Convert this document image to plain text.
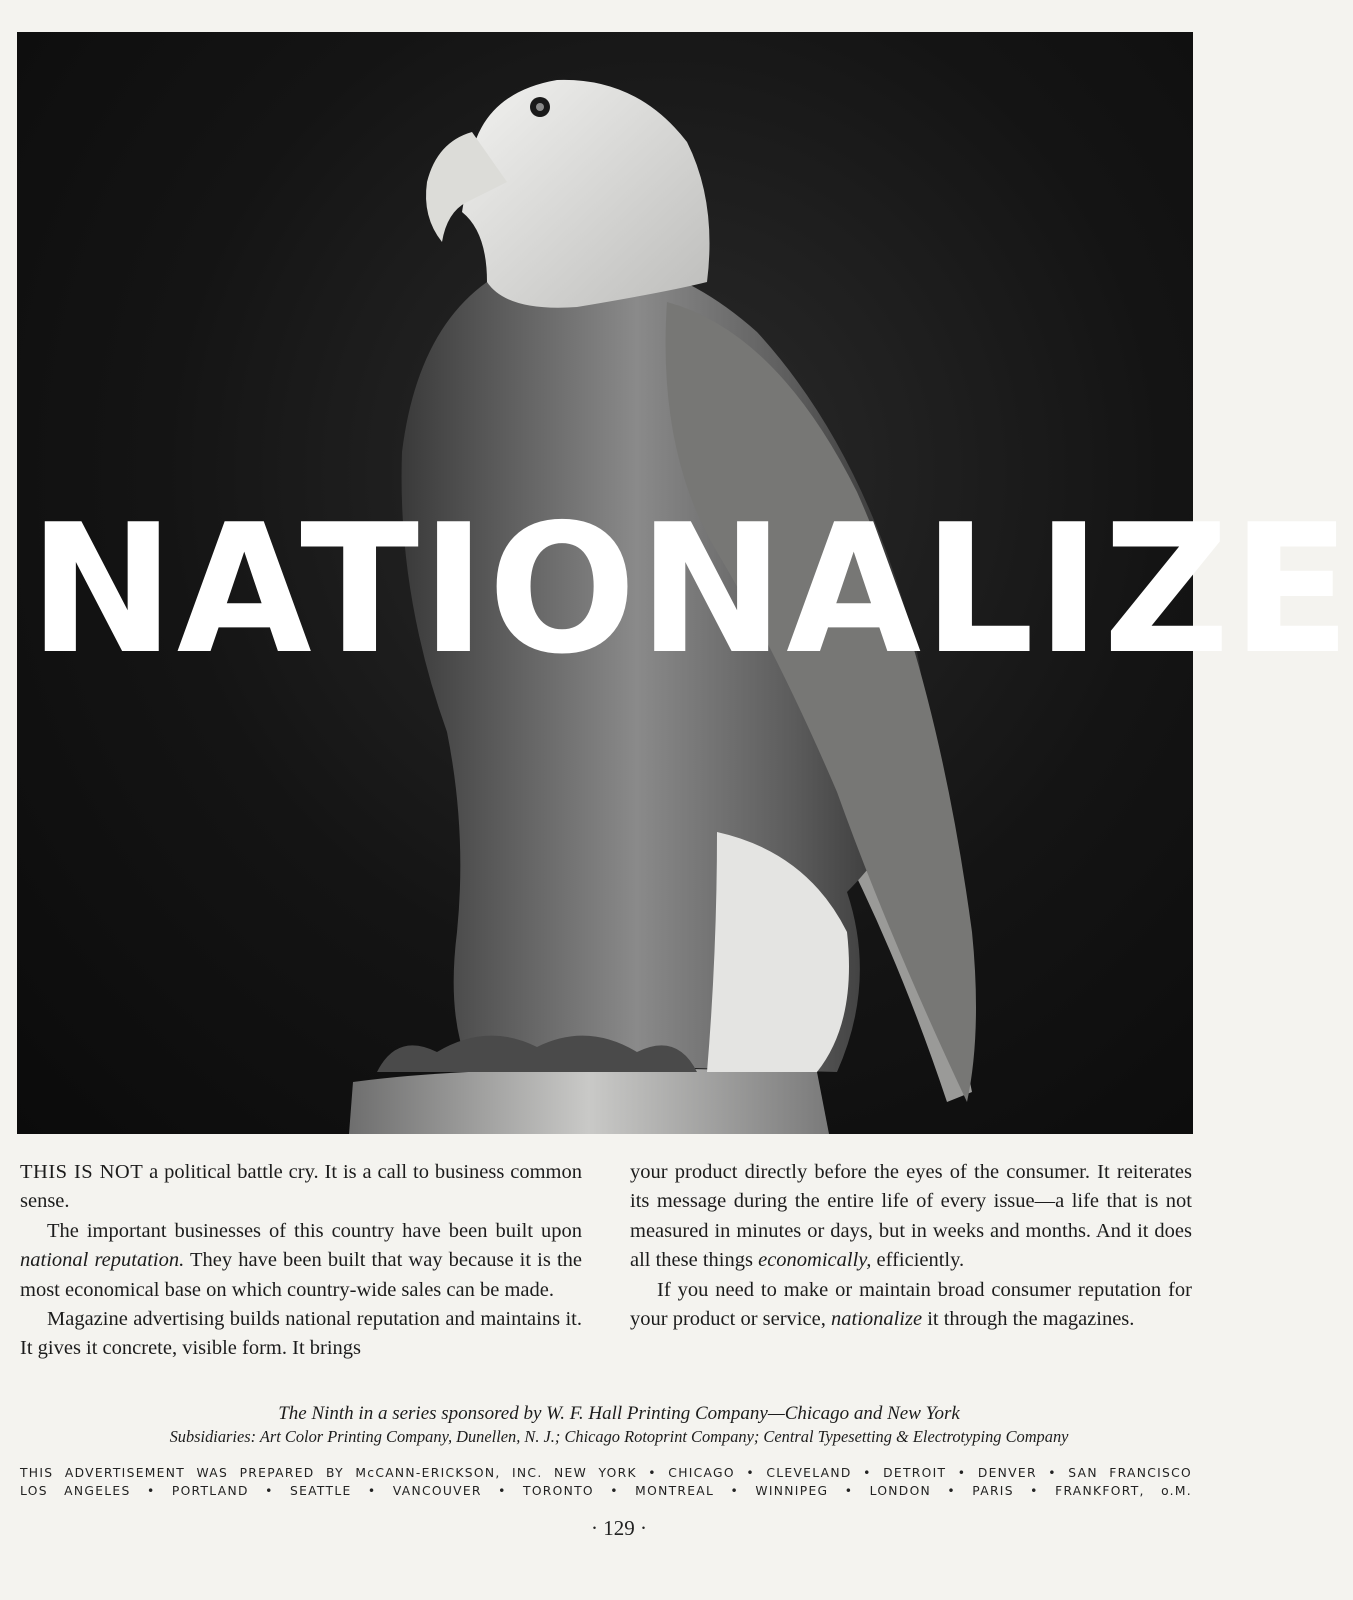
NATIONALIZE

THIS IS NOT a political battle cry. It is a call to business common sense.

The important businesses of this country have been built upon national reputation. They have been built that way because it is the most economical base on which country-wide sales can be made.

Magazine advertising builds national reputation and maintains it. It gives it concrete, visible form. It brings

your product directly before the eyes of the consumer. It reiterates its message during the entire life of every issue—a life that is not measured in minutes or days, but in weeks and months. And it does all these things economically, efficiently.

If you need to make or maintain broad consumer reputation for your product or service, nationalize it through the magazines.

The Ninth in a series sponsored by W. F. Hall Printing Company—Chicago and New York
Subsidiaries: Art Color Printing Company, Dunellen, N. J.; Chicago Rotoprint Company; Central Typesetting & Electrotyping Company
THIS ADVERTISEMENT WAS PREPARED BY McCANN-ERICKSON, INC. NEW YORK • CHICAGO • CLEVELAND • DETROIT • DENVER • SAN FRANCISCO
LOS ANGELES • PORTLAND • SEATTLE • VANCOUVER • TORONTO • MONTREAL • WINNIPEG • LONDON • PARIS • FRANKFORT, o.M.
· 129 ·
